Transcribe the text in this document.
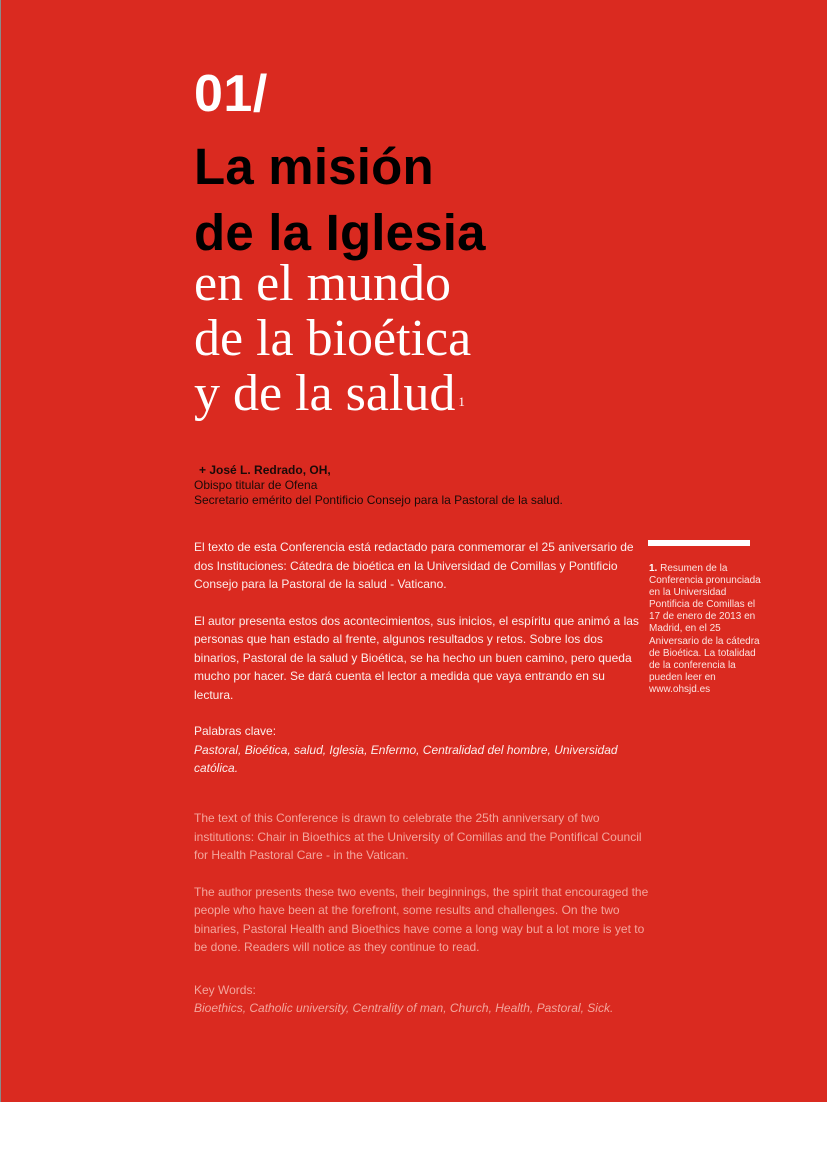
01/
La misión
de la Iglesia
en el mundo
de la bioética
y de la salud $^1$
+ José L. Redrado, OH,
Obispo titular de Ofena
Secretario emérito del Pontificio Consejo para la Pastoral de la salud.

El texto de esta Conferencia está redactado para conmemorar el 25 aniversario de dos Instituciones: Cátedra de bioética en la Universidad de Comillas y Pontificio Consejo para la Pastoral de la salud - Vaticano.

El autor presenta estos dos acontecimientos, sus inicios, el espíritu que animó a las personas que han estado al frente, algunos resultados y retos. Sobre los dos binarios, Pastoral de la salud y Bioética, se ha hecho un buen camino, pero queda mucho por hacer. Se dará cuenta el lector a medida que vaya entrando en su lectura.

Palabras clave:
Pastoral, Bioética, salud, Iglesia, Enfermo, Centralidad del hombre, Universidad católica.
1. Resumen de la Conferencia pronunciada en la Universidad Pontificia de Comillas el 17 de enero de 2013 en Madrid, en el 25 Aniversario de la cátedra de Bioética. La totalidad de la conferencia la pueden leer en www.ohsjd.es

The text of this Conference is drawn to celebrate the 25th anniversary of two institutions: Chair in Bioethics at the University of Comillas and the Pontifical Council for Health Pastoral Care - in the Vatican.

The author presents these two events, their beginnings, the spirit that encouraged the people who have been at the forefront, some results and challenges. On the two binaries, Pastoral Health and Bioethics have come a long way but a lot more is yet to be done. Readers will notice as they continue to read.

Key Words:
Bioethics, Catholic university, Centrality of man, Church, Health, Pastoral, Sick.
